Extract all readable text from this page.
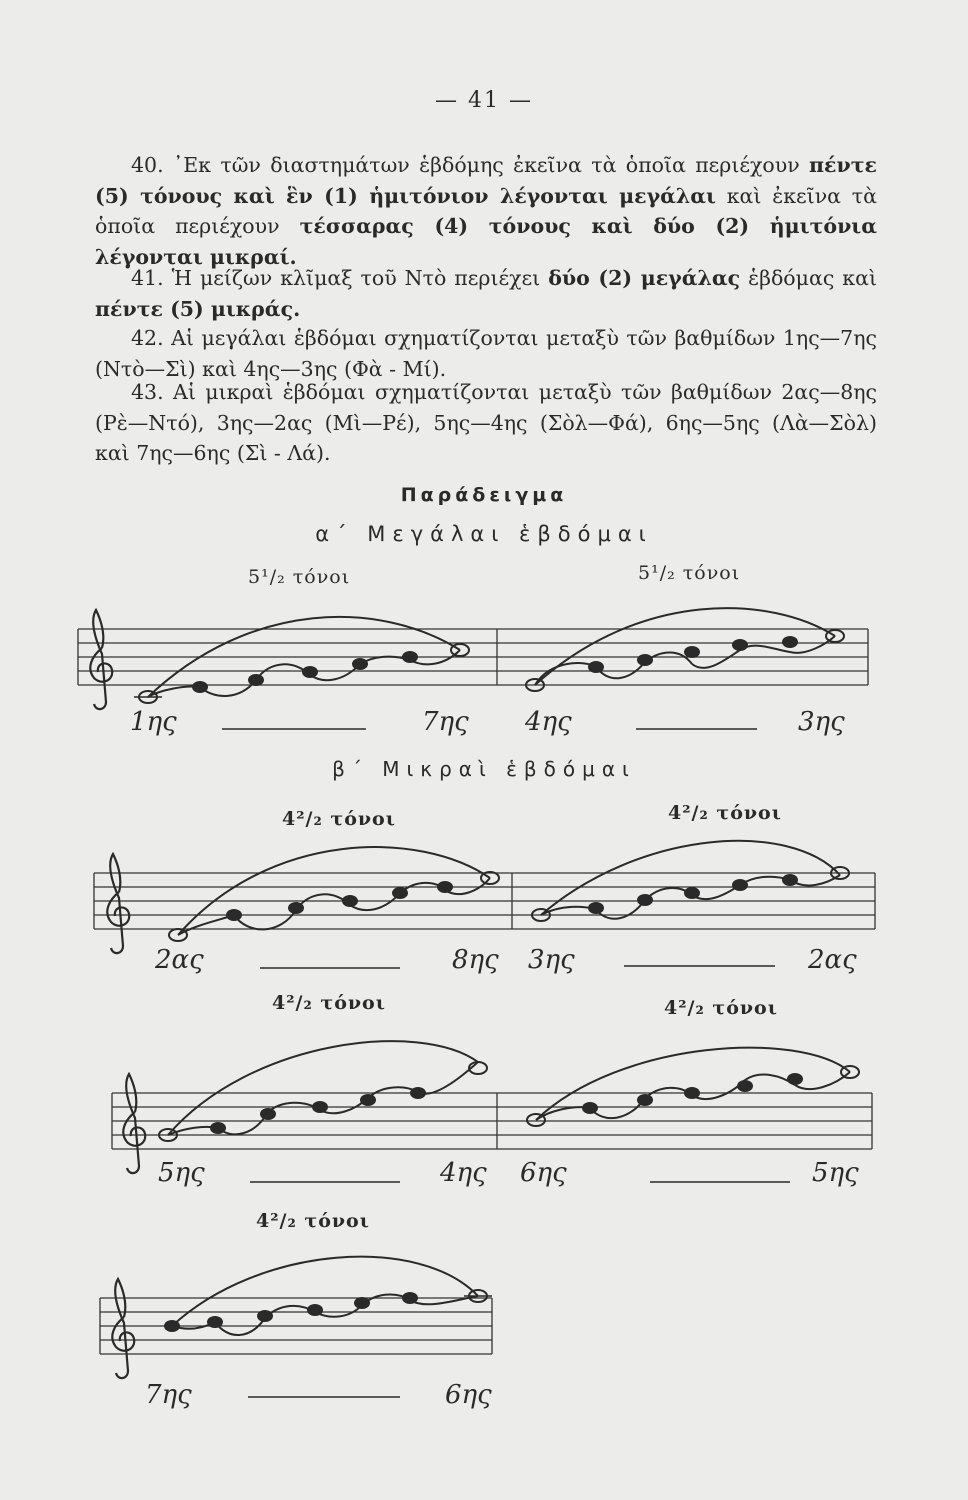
— 41 —

40. ᾿Εκ τῶν διαστημάτων ἑβδόμης ἐκεῖνα τὰ ὁποῖα περιέχουν πέντε (5) τόνους καὶ ἓν (1) ἡμιτόνιον λέγονται μεγάλαι καὶ ἐκεῖνα τὰ ὁποῖα περιέχουν τέσσαρας (4) τόνους καὶ δύο (2) ἡμιτόνια λέγονται μικραί.

41. Ἡ μείζων κλῖμαξ τοῦ Ντὸ περιέχει δύο (2) μεγάλας ἑβδόμας καὶ πέντε (5) μικράς.

42. Αἱ μεγάλαι ἑβδόμαι σχηματίζονται μεταξὺ τῶν βαθμίδων 1ης—7ης (Ντὸ—Σὶ) καὶ 4ης—3ης (Φὰ - Μί).

43. Αἱ μικραὶ ἑβδόμαι σχηματίζονται μεταξὺ τῶν βαθμίδων 2ας—8ης (Ρὲ—Ντό), 3ης—2ας (Μὶ—Ρέ), 5ης—4ης (Σὸλ—Φά), 6ης—5ης (Λὰ—Σὸλ) καὶ 7ης—6ης (Σὶ - Λά).

Παράδειγμα
α΄ Μεγάλαι ἑβδόμαι
β΄ Μικραὶ ἑβδόμαι
5¹/₂ τόνοι	5¹/₂ τόνοι
4²/₂ τόνοι	4²/₂ τόνοι
4²/₂ τόνοι	4²/₂ τόνοι
4²/₂ τόνοι
1ης	7ης 4ης	3ης
2ας	8ης 3ης	2ας
5ης	4ης 6ης	5ης
7ης	6ης
